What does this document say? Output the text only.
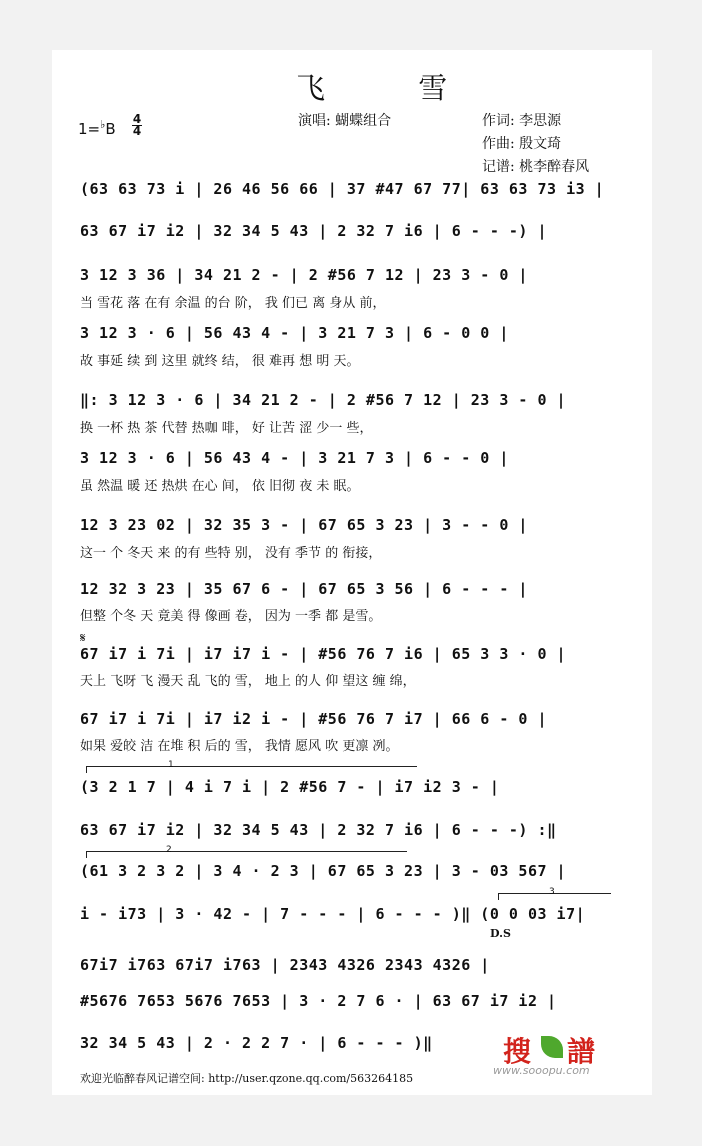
飞 雪
1=♭B
4
4
演唱: 蝴蝶组合	作词: 李思源
作曲: 殷文琦
记谱: 桃李醉春风
(63 63 73 i | 26 46 56 66 | 37 #47 67 77| 63 63 73 i3 |
63 67 i7 i2 | 32 34 5 43 | 2 32 7 i6 | 6 - - -) |
3 12 3 36 | 34 21 2 - | 2 #56 7 12 | 23 3 - 0 |
当 雪花 落 在有 余温 的台 阶， 我 们已 离 身从 前，
3 12 3 · 6 | 56 43 4 - | 3 21 7 3 | 6 - 0 0 |
故 事延 续 到 这里 就终 结， 很 难再 想 明 天。
‖: 3 12 3 · 6 | 34 21 2 - | 2 #56 7 12 | 23 3 - 0 |
换 一杯 热 茶 代替 热咖 啡， 好 让苦 涩 少一 些，
3 12 3 · 6 | 56 43 4 - | 3 21 7 3 | 6 - - 0 |
虽 然温 暖 还 热烘 在心 间， 依 旧彻 夜 未 眠。
12 3 23 02 | 32 35 3 - | 67 65 3 23 | 3 - - 0 |
这一 个 冬天 来 的有 些特 别， 没有 季节 的 衔接，
12 32 3 23 | 35 67 6 - | 67 65 3 56 | 6 - - - |
但整 个冬 天 竟美 得 像画 卷， 因为 一季 都 是雪。
𝄋
67 i7 i 7i | i7 i7 i - | #56 76 7 i6 | 65 3 3 · 0 |
天上 飞呀 飞 漫天 乱 飞的 雪， 地上 的人 仰 望这 缠 绵，
67 i7 i 7i | i7 i2 i - | #56 76 7 i7 | 66 6 - 0 |
如果 爱皎 洁 在堆 积 后的 雪， 我情 愿风 吹 更凛 冽。
1
(3 2 1 7 | 4 i 7 i | 2 #56 7 - | i7 i2 3 - |
63 67 i7 i2 | 32 34 5 43 | 2 32 7 i6 | 6 - - -) :‖
2
(61 3 2 3 2 | 3 4 · 2 3 | 67 65 3 23 | 3 - 03 567 |
3
i - i73 | 3 · 42 - | 7 - - - | 6 - - - )‖ (0 0 03 i7|
D.S
67i7 i763 67i7 i763 | 2343 4326 2343 4326 |
#5676 7653 5676 7653 | 3 · 2 7 6 · | 63 67 i7 i2 |
32 34 5 43 | 2 · 2 2 7 · | 6 - - - )‖
欢迎光临醉春风记谱空间: http://user.qzone.qq.com/563264185
搜 譜
www.sooopu.com
